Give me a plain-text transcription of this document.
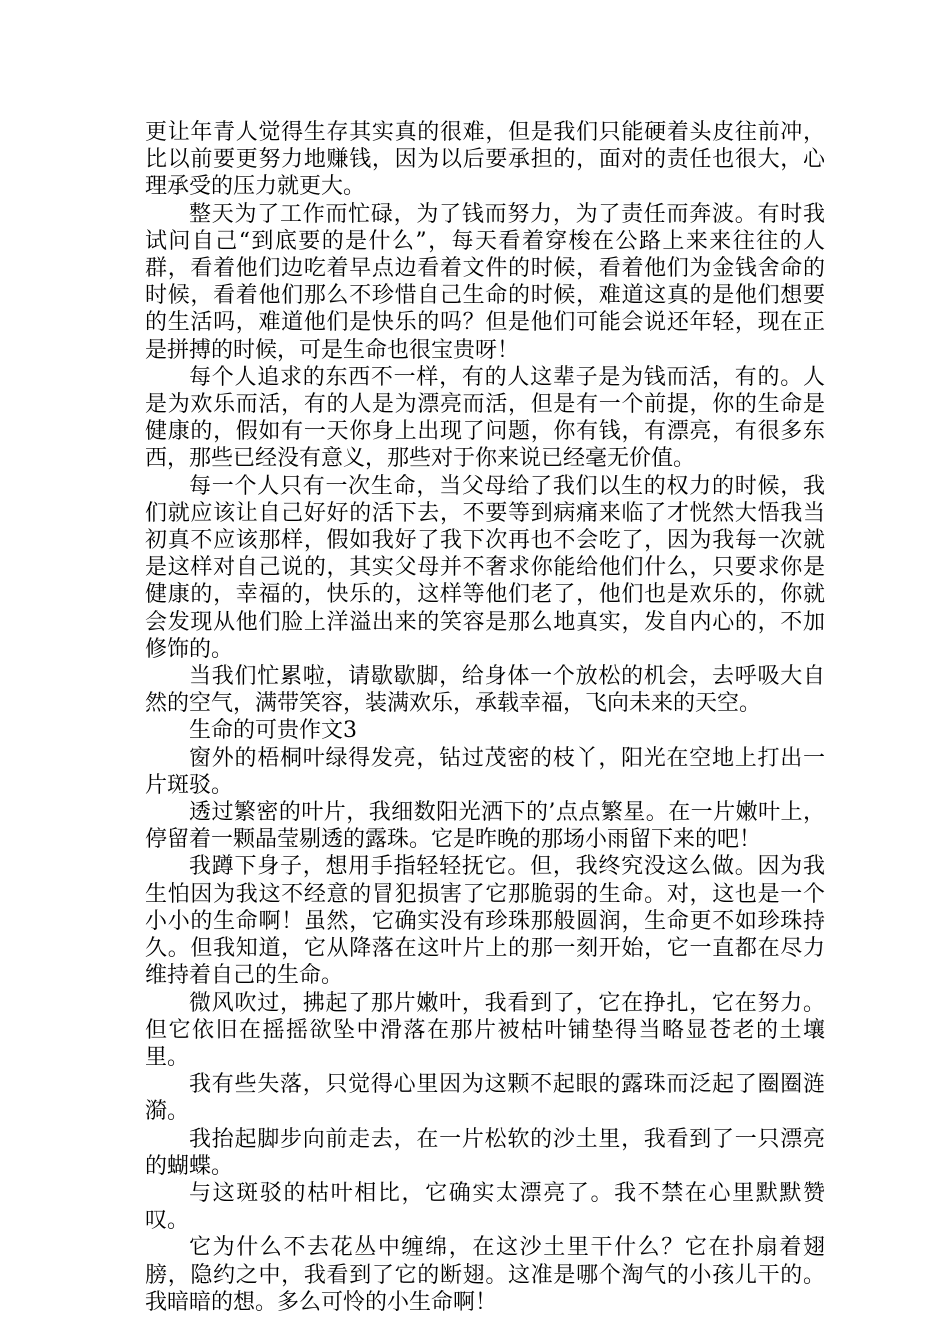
更让年青人觉得生存其实真的很难，但是我们只能硬着头皮往前冲，比以前要更努力地赚钱，因为以后要承担的，面对的责任也很大，心理承受的压力就更大。

整天为了工作而忙碌，为了钱而努力，为了责任而奔波。有时我试问自己“到底要的是什么”，每天看着穿梭在公路上来来往往的人群，看着他们边吃着早点边看着文件的时候，看着他们为金钱舍命的时候，看着他们那么不珍惜自己生命的时候，难道这真的是他们想要的生活吗，难道他们是快乐的吗？但是他们可能会说还年轻，现在正是拼搏的时候，可是生命也很宝贵呀！

每个人追求的东西不一样，有的人这辈子是为钱而活，有的。人是为欢乐而活，有的人是为漂亮而活，但是有一个前提，你的生命是健康的，假如有一天你身上出现了问题，你有钱，有漂亮，有很多东西，那些已经没有意义，那些对于你来说已经毫无价值。

每一个人只有一次生命，当父母给了我们以生的权力的时候，我们就应该让自己好好的活下去，不要等到病痛来临了才恍然大悟我当初真不应该那样，假如我好了我下次再也不会吃了，因为我每一次就是这样对自己说的，其实父母并不奢求你能给他们什么，只要求你是健康的，幸福的，快乐的，这样等他们老了，他们也是欢乐的，你就会发现从他们脸上洋溢出来的笑容是那么地真实，发自内心的，不加修饰的。

当我们忙累啦，请歇歇脚，给身体一个放松的机会，去呼吸大自然的空气，满带笑容，装满欢乐，承载幸福，飞向未来的天空。

生命的可贵作文3

窗外的梧桐叶绿得发亮，钻过茂密的枝丫，阳光在空地上打出一片斑驳。

透过繁密的叶片，我细数阳光洒下的’点点繁星。在一片嫩叶上，停留着一颗晶莹剔透的露珠。它是昨晚的那场小雨留下来的吧！

我蹲下身子，想用手指轻轻抚它。但，我终究没这么做。因为我生怕因为我这不经意的冒犯损害了它那脆弱的生命。对，这也是一个小小的生命啊！虽然，它确实没有珍珠那般圆润，生命更不如珍珠持久。但我知道，它从降落在这叶片上的那一刻开始，它一直都在尽力维持着自己的生命。

微风吹过，拂起了那片嫩叶，我看到了，它在挣扎，它在努力。但它依旧在摇摇欲坠中滑落在那片被枯叶铺垫得当略显苍老的土壤里。

我有些失落，只觉得心里因为这颗不起眼的露珠而泛起了圈圈涟漪。

我抬起脚步向前走去，在一片松软的沙土里，我看到了一只漂亮的蝴蝶。

与这斑驳的枯叶相比，它确实太漂亮了。我不禁在心里默默赞叹。

它为什么不去花丛中缠绵，在这沙土里干什么？它在扑扇着翅膀，隐约之中，我看到了它的断翅。这准是哪个淘气的小孩儿干的。我暗暗的想。多么可怜的小生命啊！
